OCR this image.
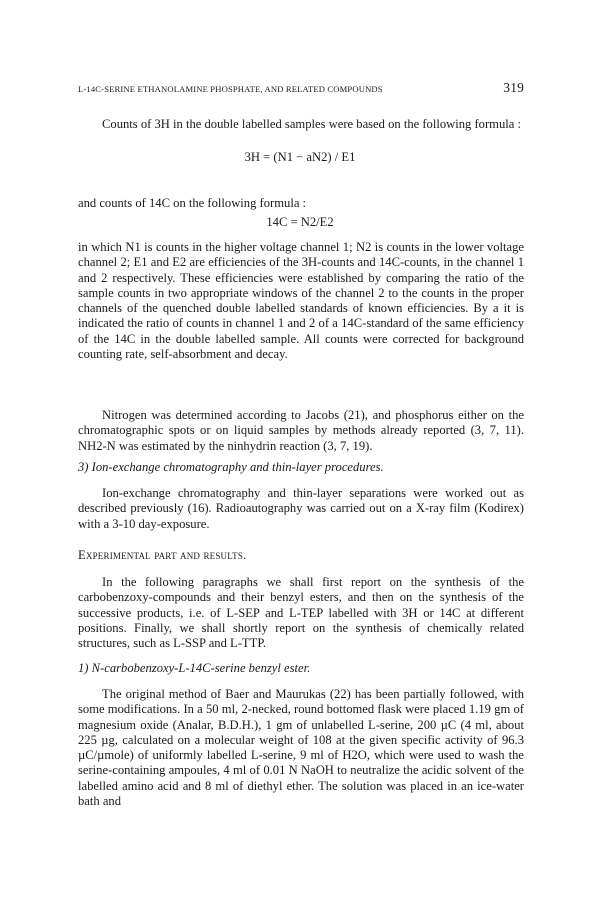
L-14C-SERINE ETHANOLAMINE PHOSPHATE, AND RELATED COMPOUNDS	319

Counts of 3H in the double labelled samples were based on the following formula :

3H = (N1 − aN2) / E1

and counts of 14C on the following formula :

14C = N2/E2

in which N1 is counts in the higher voltage channel 1; N2 is counts in the lower voltage channel 2; E1 and E2 are efficiencies of the 3H-counts and 14C-counts, in the channel 1 and 2 respectively. These efficiencies were established by comparing the ratio of the sample counts in two appropriate windows of the channel 2 to the counts in the proper channels of the quenched double labelled standards of known efficiencies. By a it is indicated the ratio of counts in channel 1 and 2 of a 14C-standard of the same efficiency of the 14C in the double labelled sample. All counts were corrected for background counting rate, self-absorbment and decay.

Nitrogen was determined according to Jacobs (21), and phosphorus either on the chromatographic spots or on liquid samples by methods already reported (3, 7, 11). NH2-N was estimated by the ninhydrin reaction (3, 7, 19).

3) Ion-exchange chromatography and thin-layer procedures.

Ion-exchange chromatography and thin-layer separations were worked out as described previously (16). Radioautography was carried out on a X-ray film (Kodirex) with a 3-10 day-exposure.

Experimental part and results.

In the following paragraphs we shall first report on the synthesis of the carbobenzoxy-compounds and their benzyl esters, and then on the synthesis of the successive products, i.e. of L-SEP and L-TEP labelled with 3H or 14C at different positions. Finally, we shall shortly report on the synthesis of chemically related structures, such as L-SSP and L-TTP.

1) N-carbobenzoxy-L-14C-serine benzyl ester.

The original method of Baer and Maurukas (22) has been partially followed, with some modifications. In a 50 ml, 2-necked, round bottomed flask were placed 1.19 gm of magnesium oxide (Analar, B.D.H.), 1 gm of unlabelled L-serine, 200 µC (4 ml, about 225 µg, calculated on a molecular weight of 108 at the given specific activity of 96.3 µC/µmole) of uniformly labelled L-serine, 9 ml of H2O, which were used to wash the serine-containing ampoules, 4 ml of 0.01 N NaOH to neutralize the acidic solvent of the labelled amino acid and 8 ml of diethyl ether. The solution was placed in an ice-water bath and
